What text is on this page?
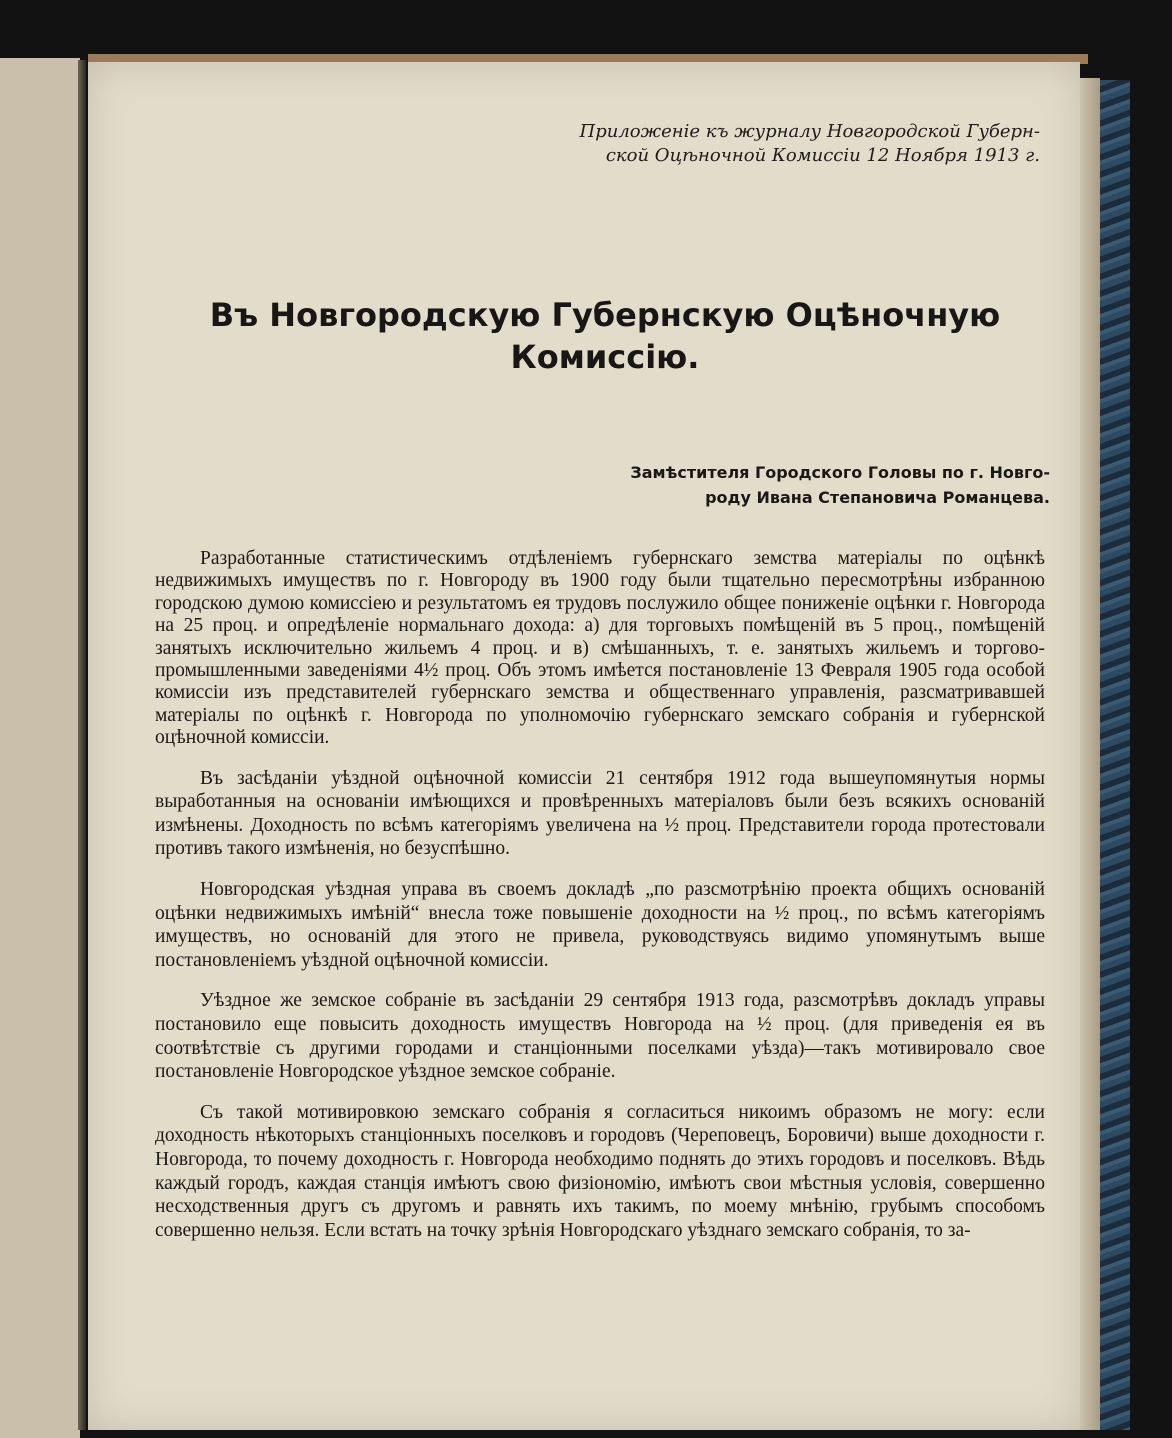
Приложеніе къ журналу Новгородской Губерн-
ской Оцѣночной Комиссіи 12 Ноября 1913 г.
Въ Новгородскую Губернскую Оцѣночную
Комиссію.
Замѣстителя Городского Головы по г. Новго-
роду Ивана Степановича Романцева.

Разработанные статистическимъ отдѣленіемъ губернскаго земства матеріалы по оцѣнкѣ недвижимыхъ имуществъ по г. Новгороду въ 1900 году были тщательно пересмотрѣны избранною городскою думою комиссіею и результатомъ ея трудовъ послужило общее пониженіе оцѣнки г. Новгорода на 25 проц. и опредѣленіе нормальнаго дохода: а) для торговыхъ помѣщеній въ 5 проц., помѣщеній занятыхъ исключительно жильемъ 4 проц. и в) смѣшанныхъ, т. е. занятыхъ жильемъ и торгово-промышленными заведеніями 4½ проц. Объ этомъ имѣется постановленіе 13 Февраля 1905 года особой комиссіи изъ представителей губернскаго земства и общественнаго управленія, разсматривавшей матеріалы по оцѣнкѣ г. Новгорода по уполномочію губернскаго земскаго собранія и губернской оцѣночной комиссіи.

Въ засѣданіи уѣздной оцѣночной комиссіи 21 сентября 1912 года вышеупомянутыя нормы выработанныя на основаніи имѣющихся и провѣренныхъ матеріаловъ были безъ всякихъ основаній измѣнены. Доходность по всѣмъ категоріямъ увеличена на ½ проц. Представители города протестовали противъ такого измѣненія, но безуспѣшно.

Новгородская уѣздная управа въ своемъ докладѣ „по разсмотрѣнію проекта общихъ основаній оцѣнки недвижимыхъ имѣній“ внесла тоже повышеніе доходности на ½ проц., по всѣмъ категоріямъ имуществъ, но основаній для этого не привела, руководствуясь видимо упомянутымъ выше постановленіемъ уѣздной оцѣночной комиссіи.

Уѣздное же земское собраніе въ засѣданіи 29 сентября 1913 года, разсмотрѣвъ докладъ управы постановило еще повысить доходность имуществъ Новгорода на ½ проц. (для приведенія ея въ соотвѣтствіе съ другими городами и станціонными поселками уѣзда)—такъ мотивировало свое постановленіе Новгородское уѣздное земское собраніе.

Съ такой мотивировкою земскаго собранія я согласиться никоимъ образомъ не могу: если доходность нѣкоторыхъ станціонныхъ поселковъ и городовъ (Череповецъ, Боровичи) выше доходности г. Новгорода, то почему доходность г. Новгорода необходимо поднять до этихъ городовъ и поселковъ. Вѣдь каждый городъ, каждая станція имѣютъ свою физіономію, имѣютъ свои мѣстныя условія, совершенно несходственныя другъ съ другомъ и равнять ихъ такимъ, по моему мнѣнію, грубымъ способомъ совершенно нельзя. Если встать на точку зрѣнія Новгородскаго уѣзднаго земскаго собранія, то за-
